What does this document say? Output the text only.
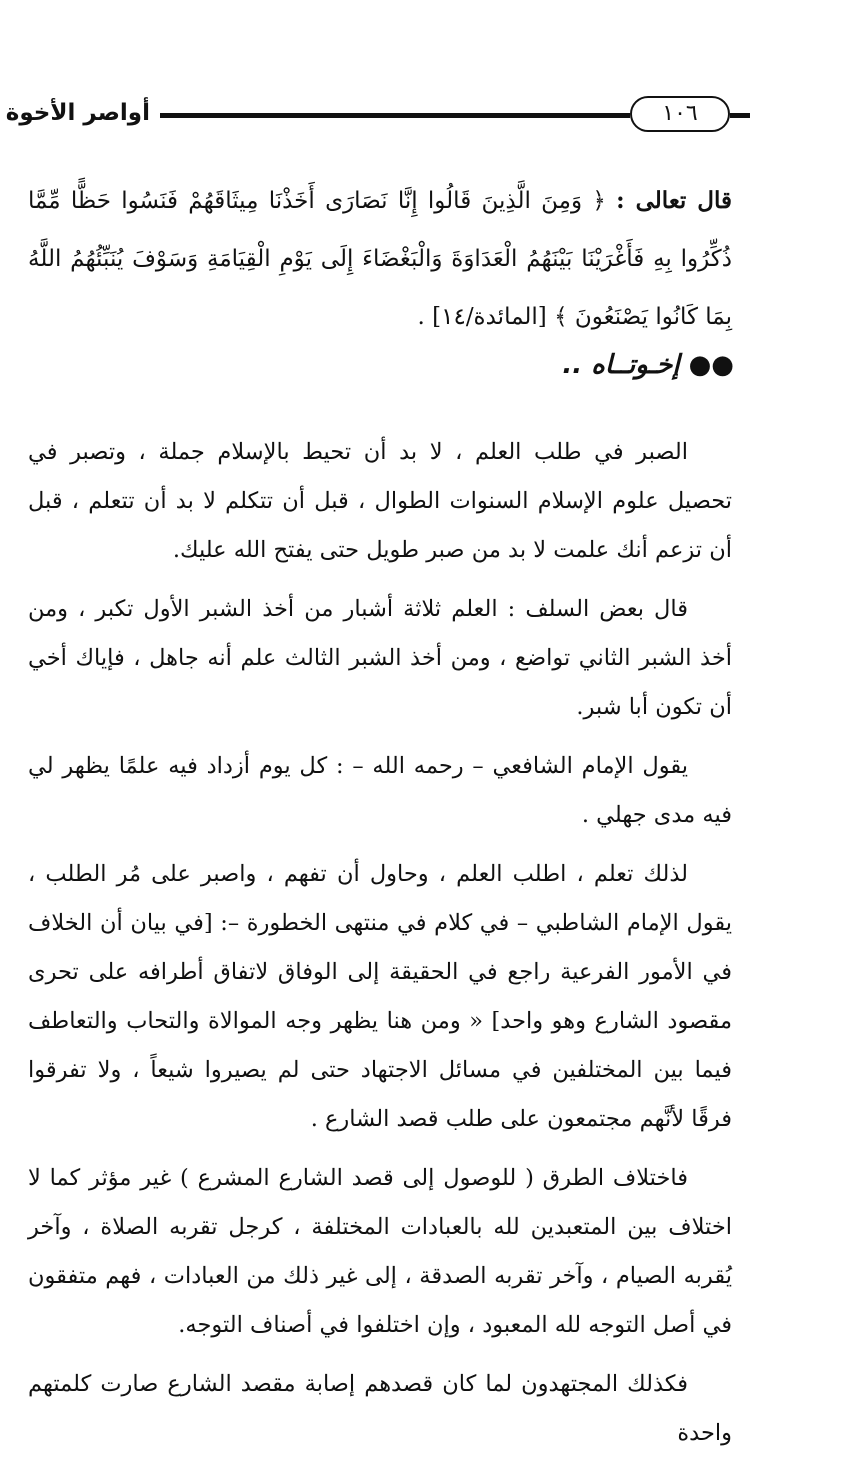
أواصر الأخوة	١٠٦
قال تعالى : ﴿ وَمِنَ الَّذِينَ قَالُوا إِنَّا نَصَارَى أَخَذْنَا مِيثَاقَهُمْ فَنَسُوا حَظًّا مِّمَّا ذُكِّرُوا بِهِ فَأَغْرَيْنَا بَيْنَهُمُ الْعَدَاوَةَ وَالْبَغْضَاءَ إِلَى يَوْمِ الْقِيَامَةِ وَسَوْفَ يُنَبِّئُهُمُ اللَّهُ بِمَا كَانُوا يَصْنَعُونَ ﴾ [المائدة/١٤] .
●● إخـوتــاه ..

الصبر في طلب العلم ، لا بد أن تحيط بالإسلام جملة ، وتصبر في تحصيل علوم الإسلام السنوات الطوال ، قبل أن تتكلم لا بد أن تتعلم ، قبل أن تزعم أنك علمت لا بد من صبر طويل حتى يفتح الله عليك.

قال بعض السلف : العلم ثلاثة أشبار من أخذ الشبر الأول تكبر ، ومن أخذ الشبر الثاني تواضع ، ومن أخذ الشبر الثالث علم أنه جاهل ، فإياك أخي أن تكون أبا شبر.

يقول الإمام الشافعي – رحمه الله – : كل يوم أزداد فيه علمًا يظهر لي فيه مدى جهلي .

لذلك تعلم ، اطلب العلم ، وحاول أن تفهم ، واصبر على مُر الطلب ، يقول الإمام الشاطبي – في كلام في منتهى الخطورة –: [في بيان أن الخلاف في الأمور الفرعية راجع في الحقيقة إلى الوفاق لاتفاق أطرافه على تحرى مقصود الشارع وهو واحد] « ومن هنا يظهر وجه الموالاة والتحاب والتعاطف فيما بين المختلفين في مسائل الاجتهاد حتى لم يصيروا شيعاً ، ولا تفرقوا فرقًا لأنَّهم مجتمعون على طلب قصد الشارع .

فاختلاف الطرق ( للوصول إلى قصد الشارع المشرع ) غير مؤثر كما لا اختلاف بين المتعبدين لله بالعبادات المختلفة ، كرجل تقربه الصلاة ، وآخر يُقربه الصيام ، وآخر تقربه الصدقة ، إلى غير ذلك من العبادات ، فهم متفقون في أصل التوجه لله المعبود ، وإن اختلفوا في أصناف التوجه.

فكذلك المجتهدون لما كان قصدهم إصابة مقصد الشارع صارت كلمتهم واحدة
